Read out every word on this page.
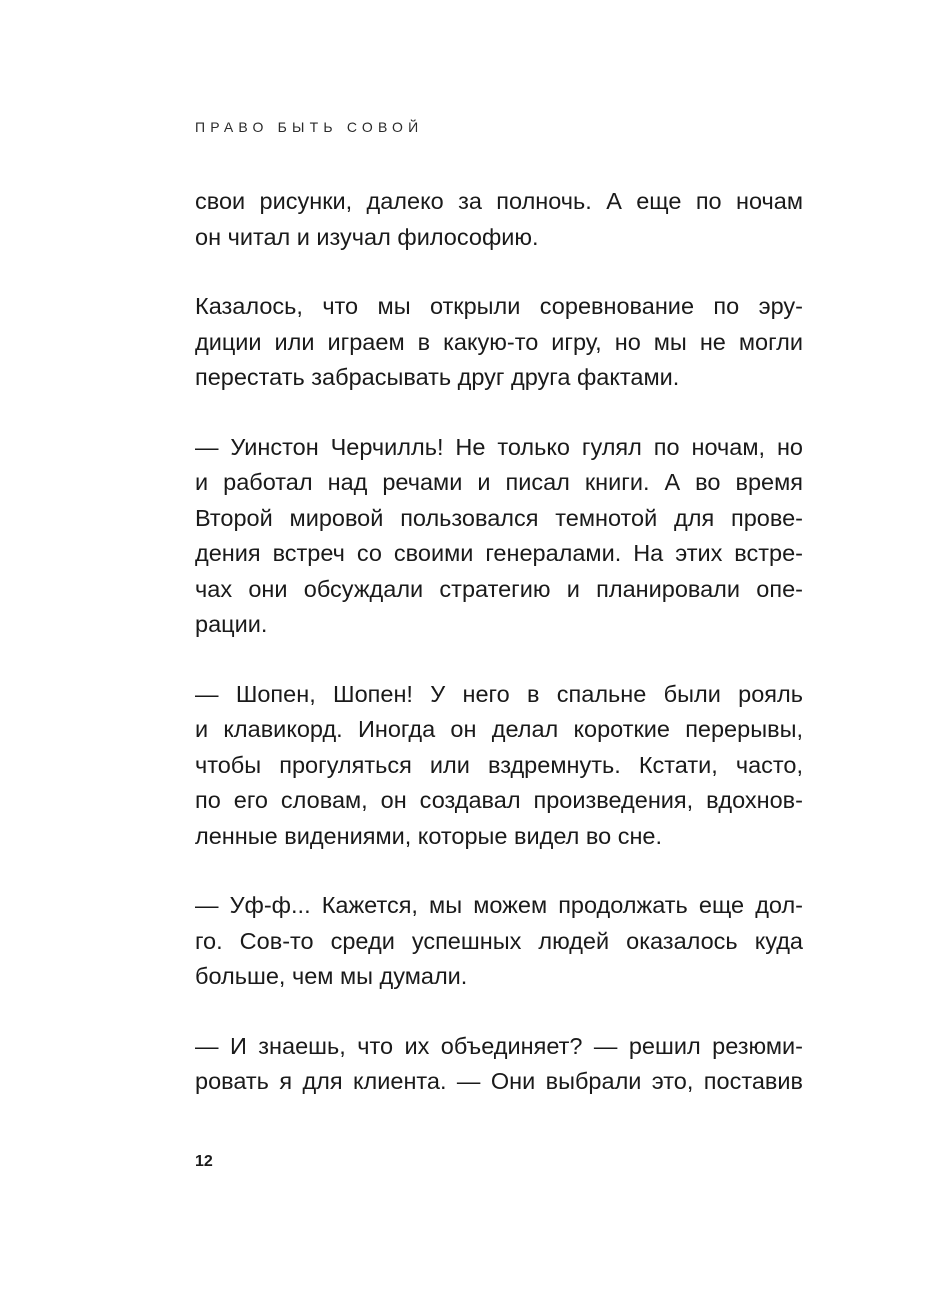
ПРАВО БЫТЬ СОВОЙ
свои рисунки, далеко за полночь. А еще по ночам
он читал и изучал философию.
Казалось, что мы открыли соревнование по эру-
диции или играем в какую-то игру, но мы не могли
перестать забрасывать друг друга фактами.
— Уинстон Черчилль! Не только гулял по ночам, но
и работал над речами и писал книги. А во время
Второй мировой пользовался темнотой для прове-
дения встреч со своими генералами. На этих встре-
чах они обсуждали стратегию и планировали опе-
рации.
— Шопен, Шопен! У него в спальне были рояль
и клавикорд. Иногда он делал короткие перерывы,
чтобы прогуляться или вздремнуть. Кстати, часто,
по его словам, он создавал произведения, вдохнов-
ленные видениями, которые видел во сне.
— Уф-ф... Кажется, мы можем продолжать еще дол-
го. Сов-то среди успешных людей оказалось куда
больше, чем мы думали.
— И знаешь, что их объединяет? — решил резюми-
ровать я для клиента. — Они выбрали это, поставив
12
